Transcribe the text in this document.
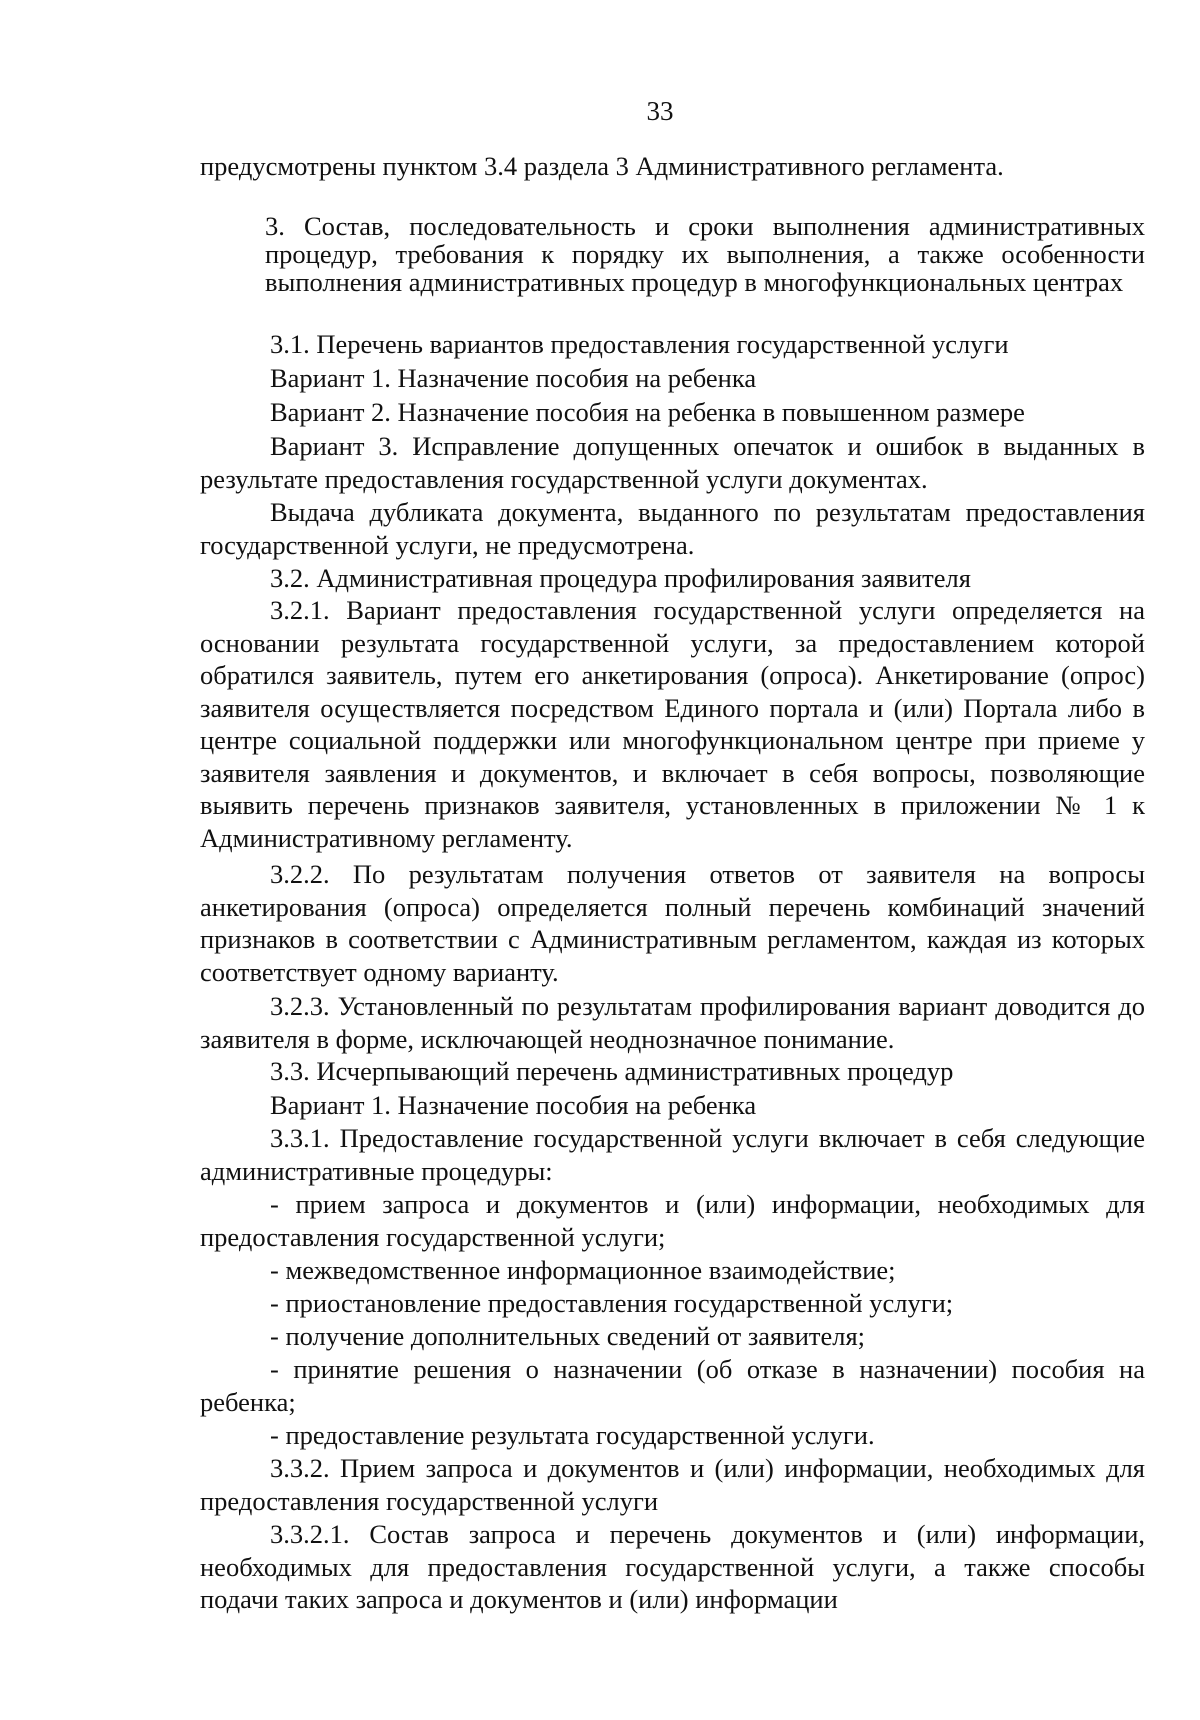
33

предусмотрены пунктом 3.4 раздела 3 Административного регламента.

3. Состав, последовательность и сроки выполнения административных процедур, требования к порядку их выполнения, а также особенности выполнения административных процедур в многофункциональных центрах

3.1. Перечень вариантов предоставления государственной услуги

Вариант 1. Назначение пособия на ребенка

Вариант 2. Назначение пособия на ребенка в повышенном размере

Вариант 3. Исправление допущенных опечаток и ошибок в выданных в результате предоставления государственной услуги документах.

Выдача дубликата документа, выданного по результатам предоставления государственной услуги, не предусмотрена.

3.2. Административная процедура профилирования заявителя

3.2.1. Вариант предоставления государственной услуги определяется на основании результата государственной услуги, за предоставлением которой обратился заявитель, путем его анкетирования (опроса). Анкетирование (опрос) заявителя осуществляется посредством Единого портала и (или) Портала либо в центре социальной поддержки или многофункциональном центре при приеме у заявителя заявления и документов, и включает в себя вопросы, позволяющие выявить перечень признаков заявителя, установленных в приложении № 1 к Административному регламенту.

3.2.2. По результатам получения ответов от заявителя на вопросы анкетирования (опроса) определяется полный перечень комбинаций значений признаков в соответствии с Административным регламентом, каждая из которых соответствует одному варианту.

3.2.3. Установленный по результатам профилирования вариант доводится до заявителя в форме, исключающей неоднозначное понимание.

3.3. Исчерпывающий перечень административных процедур

Вариант 1. Назначение пособия на ребенка

3.3.1. Предоставление государственной услуги включает в себя следующие административные процедуры:

- прием запроса и документов и (или) информации, необходимых для предоставления государственной услуги;

- межведомственное информационное взаимодействие;

- приостановление предоставления государственной услуги;

- получение дополнительных сведений от заявителя;

- принятие решения о назначении (об отказе в назначении) пособия на ребенка;

- предоставление результата государственной услуги.

3.3.2. Прием запроса и документов и (или) информации, необходимых для предоставления государственной услуги

3.3.2.1. Состав запроса и перечень документов и (или) информации, необходимых для предоставления государственной услуги, а также способы подачи таких запроса и документов и (или) информации
